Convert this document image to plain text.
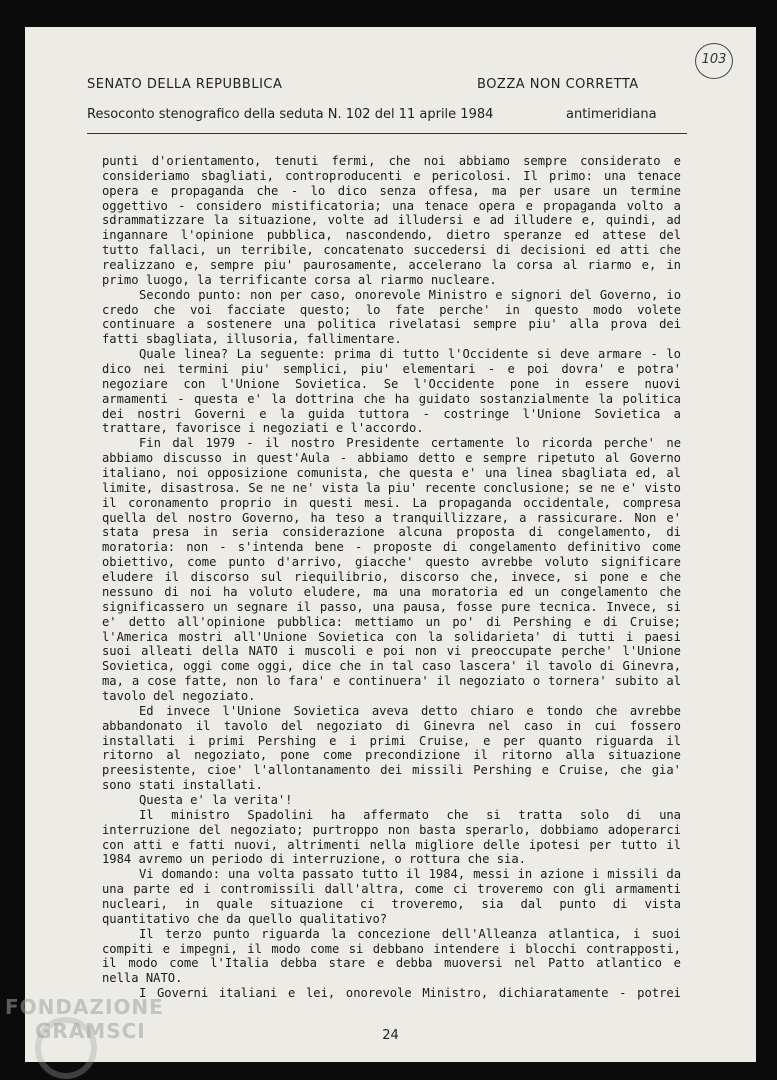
SENATO DELLA REPUBBLICA	BOZZA NON CORRETTA
Resoconto stenografico della seduta N. 102 del 11 aprile 1984	antimeridiana
103
punti d'orientamento, tenuti fermi, che noi abbiamo sempre considerato e
consideriamo sbagliati, controproducenti e pericolosi. Il primo: una tenace
opera e propaganda che - lo dico senza offesa, ma per usare un termine
oggettivo - considero mistificatoria; una tenace opera e propaganda volto a
sdrammatizzare la situazione, volte ad illudersi e ad illudere e, quindi, ad
ingannare l'opinione pubblica, nascondendo, dietro speranze ed attese del
tutto fallaci, un terribile, concatenato succedersi di decisioni ed atti che
realizzano e, sempre piu' paurosamente, accelerano la corsa al riarmo e, in
primo luogo, la terrificante corsa al riarmo nucleare.
Secondo punto: non per caso, onorevole Ministro e signori del Governo, io
credo che voi facciate questo; lo fate perche' in questo modo volete
continuare a sostenere una politica rivelatasi sempre piu' alla prova dei
fatti sbagliata, illusoria, fallimentare.
Quale linea? La seguente: prima di tutto l'Occidente si deve armare - lo
dico nei termini piu' semplici, piu' elementari - e poi dovra' e potra'
negoziare con l'Unione Sovietica. Se l'Occidente pone in essere nuovi
armamenti - questa e' la dottrina che ha guidato sostanzialmente la politica
dei nostri Governi e la guida tuttora - costringe l'Unione Sovietica a
trattare, favorisce i negoziati e l'accordo.
Fin dal 1979 - il nostro Presidente certamente lo ricorda perche' ne
abbiamo discusso in quest'Aula - abbiamo detto e sempre ripetuto al Governo
italiano, noi opposizione comunista, che questa e' una linea sbagliata ed, al
limite, disastrosa. Se ne ne' vista la piu' recente conclusione; se ne e' visto
il coronamento proprio in questi mesi. La propaganda occidentale, compresa
quella del nostro Governo, ha teso a tranquillizzare, a rassicurare. Non e'
stata presa in seria considerazione alcuna proposta di congelamento, di
moratoria: non - s'intenda bene - proposte di congelamento definitivo come
obiettivo, come punto d'arrivo, giacche' questo avrebbe voluto significare
eludere il discorso sul riequilibrio, discorso che, invece, si pone e che
nessuno di noi ha voluto eludere, ma una moratoria ed un congelamento che
significassero un segnare il passo, una pausa, fosse pure tecnica. Invece, si
e' detto all'opinione pubblica: mettiamo un po' di Pershing e di Cruise;
l'America mostri all'Unione Sovietica con la solidarieta' di tutti i paesi
suoi alleati della NATO i muscoli e poi non vi preoccupate perche' l'Unione
Sovietica, oggi come oggi, dice che in tal caso lascera' il tavolo di Ginevra,
ma, a cose fatte, non lo fara' e continuera' il negoziato o tornera' subito al
tavolo del negoziato.
Ed invece l'Unione Sovietica aveva detto chiaro e tondo che avrebbe
abbandonato il tavolo del negoziato di Ginevra nel caso in cui fossero
installati i primi Pershing e i primi Cruise, e per quanto riguarda il
ritorno al negoziato, pone come precondizione il ritorno alla situazione
preesistente, cioe' l'allontanamento dei missili Pershing e Cruise, che gia'
sono stati installati.
Questa e' la verita'!
Il ministro Spadolini ha affermato che si tratta solo di una
interruzione del negoziato; purtroppo non basta sperarlo, dobbiamo adoperarci
con atti e fatti nuovi, altrimenti nella migliore delle ipotesi per tutto il
1984 avremo un periodo di interruzione, o rottura che sia.
Vi domando: una volta passato tutto il 1984, messi in azione i missili da
una parte ed i contromissili dall'altra, come ci troveremo con gli armamenti
nucleari, in quale situazione ci troveremo, sia dal punto di vista
quantitativo che da quello qualitativo?
Il terzo punto riguarda la concezione dell'Alleanza atlantica, i suoi
compiti e impegni, il modo come si debbano intendere i blocchi contrapposti,
il modo come l'Italia debba stare e debba muoversi nel Patto atlantico e
nella NATO.
I Governi italiani e lei, onorevole Ministro, dichiaratamente - potrei
24
FONDAZIONE
GRAMSCI
